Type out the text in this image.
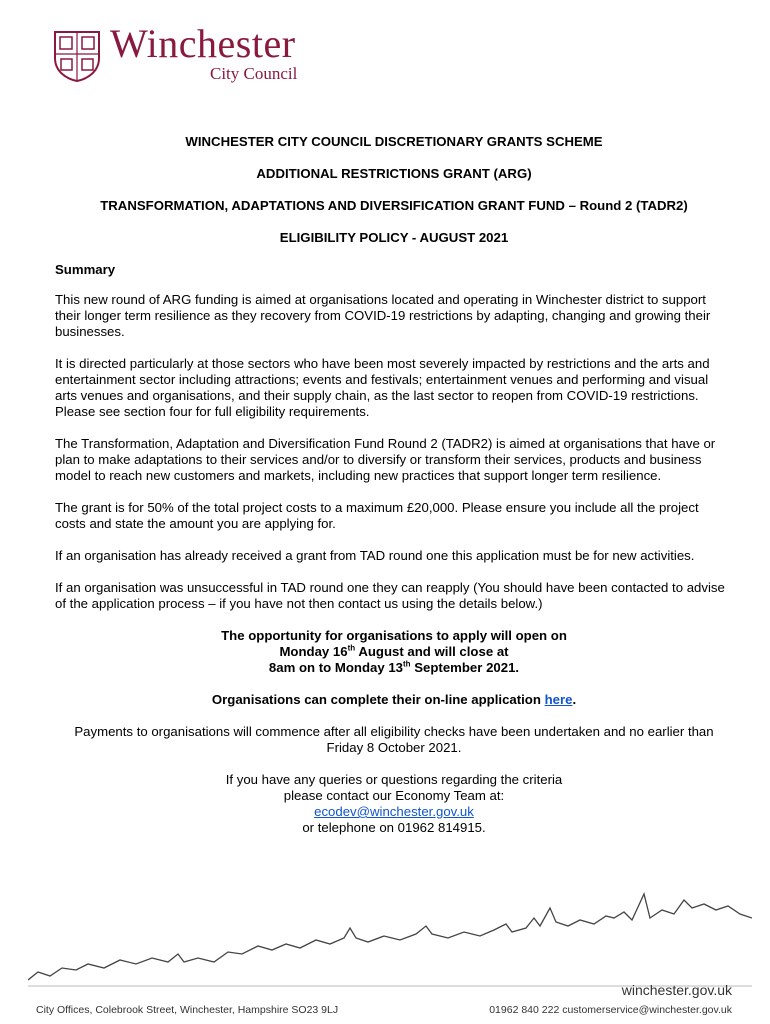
Winchester
City Council
WINCHESTER CITY COUNCIL DISCRETIONARY GRANTS SCHEME
ADDITIONAL RESTRICTIONS GRANT (ARG)
TRANSFORMATION, ADAPTATIONS AND DIVERSIFICATION GRANT FUND – Round 2 (TADR2)
ELIGIBILITY POLICY - AUGUST 2021
Summary

This new round of ARG funding is aimed at organisations located and operating in Winchester district to support their longer term resilience as they recovery from COVID-19 restrictions by adapting, changing and growing their businesses.

It is directed particularly at those sectors who have been most severely impacted by restrictions and the arts and entertainment sector including attractions; events and festivals; entertainment venues and performing and visual arts venues and organisations, and their supply chain, as the last sector to reopen from COVID-19 restrictions. Please see section four for full eligibility requirements.

The Transformation, Adaptation and Diversification Fund Round 2 (TADR2) is aimed at organisations that have or plan to make adaptations to their services and/or to diversify or transform their services, products and business model to reach new customers and markets, including new practices that support longer term resilience.

The grant is for 50% of the total project costs to a maximum £20,000. Please ensure you include all the project costs and state the amount you are applying for.

If an organisation has already received a grant from TAD round one this application must be for new activities.

If an organisation was unsuccessful in TAD round one they can reapply (You should have been contacted to advise of the application process – if you have not then contact us using the details below.)

The opportunity for organisations to apply will open on
Monday 16th August and will close at
8am on to Monday 13th September 2021.
Organisations can complete their on-line application here.

Payments to organisations will commence after all eligibility checks have been undertaken and no earlier than Friday 8 October 2021.

If you have any queries or questions regarding the criteria
please contact our Economy Team at:
ecodev@winchester.gov.uk
or telephone on 01962 814915.
winchester.gov.uk
City Offices, Colebrook Street, Winchester, Hampshire SO23 9LJ	01962 840 222 customerservice@winchester.gov.uk
